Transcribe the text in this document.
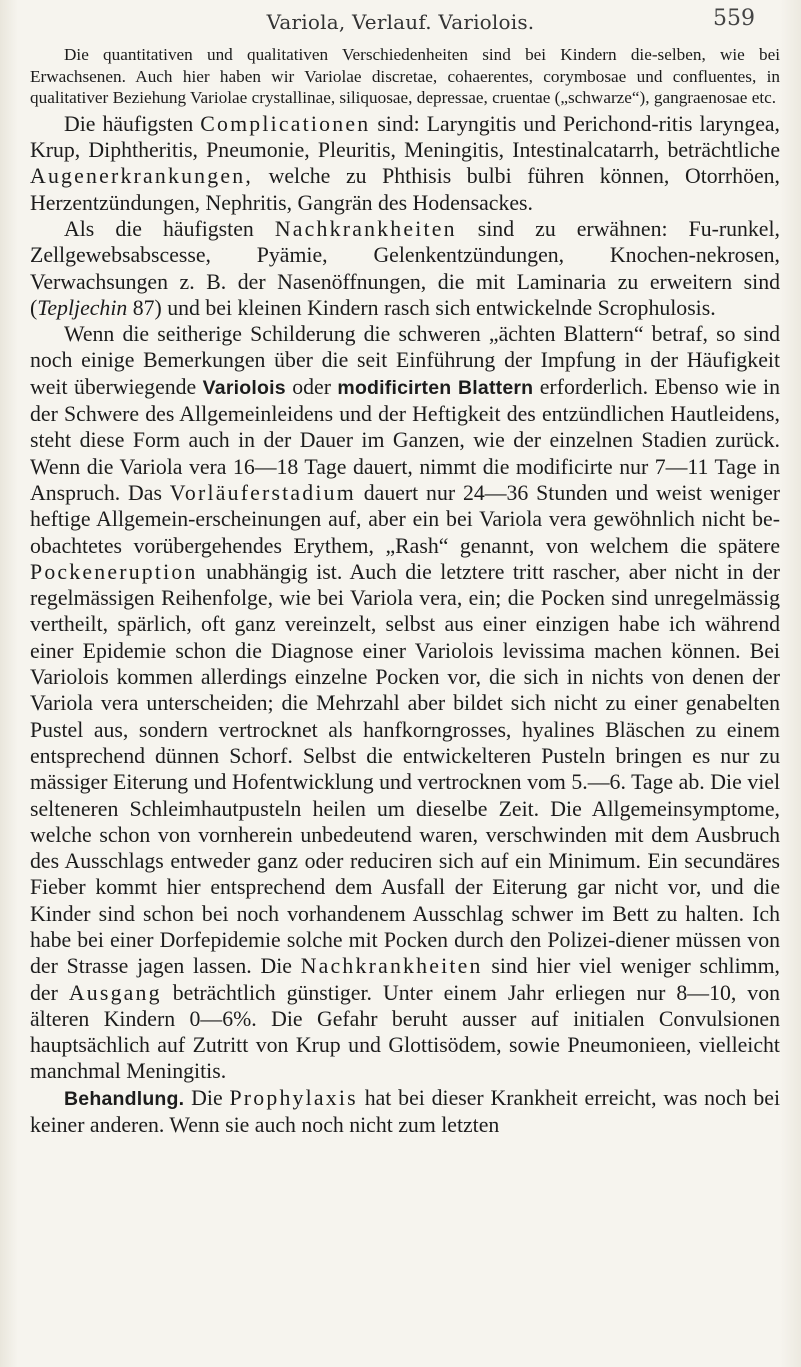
Variola, Verlauf. Variolois.	559

Die quantitativen und qualitativen Verschiedenheiten sind bei Kindern die-selben, wie bei Erwachsenen. Auch hier haben wir Variolae discretae, cohaerentes, corymbosae und confluentes, in qualitativer Beziehung Variolae crystallinae, siliquosae, depressae, cruentae („schwarze“), gangraenosae etc.

Die häufigsten Complicationen sind: Laryngitis und Perichond-ritis laryngea, Krup, Diphtheritis, Pneumonie, Pleuritis, Meningitis, Intestinalcatarrh, beträchtliche Augenerkrankungen, welche zu Phthisis bulbi führen können, Otorrhöen, Herzentzündungen, Nephritis, Gangrän des Hodensackes.

Als die häufigsten Nachkrankheiten sind zu erwähnen: Fu-runkel, Zellgewebsabscesse, Pyämie, Gelenkentzündungen, Knochen-nekrosen, Verwachsungen z. B. der Nasenöffnungen, die mit Laminaria zu erweitern sind (Tepljechin 87) und bei kleinen Kindern rasch sich entwickelnde Scrophulosis.

Wenn die seitherige Schilderung die schweren „ächten Blattern“ betraf, so sind noch einige Bemerkungen über die seit Einführung der Impfung in der Häufigkeit weit überwiegende Variolois oder modificirten Blattern erforderlich. Ebenso wie in der Schwere des Allgemeinleidens und der Heftigkeit des entzündlichen Hautleidens, steht diese Form auch in der Dauer im Ganzen, wie der einzelnen Stadien zurück. Wenn die Variola vera 16—18 Tage dauert, nimmt die modificirte nur 7—11 Tage in Anspruch. Das Vorläuferstadium dauert nur 24—36 Stunden und weist weniger heftige Allgemein-erscheinungen auf, aber ein bei Variola vera gewöhnlich nicht be-obachtetes vorübergehendes Erythem, „Rash“ genannt, von welchem die spätere Pockeneruption unabhängig ist. Auch die letztere tritt rascher, aber nicht in der regelmässigen Reihenfolge, wie bei Variola vera, ein; die Pocken sind unregelmässig vertheilt, spärlich, oft ganz vereinzelt, selbst aus einer einzigen habe ich während einer Epidemie schon die Diagnose einer Variolois levissima machen können. Bei Variolois kommen allerdings einzelne Pocken vor, die sich in nichts von denen der Variola vera unterscheiden; die Mehrzahl aber bildet sich nicht zu einer genabelten Pustel aus, sondern vertrocknet als hanfkorngrosses, hyalines Bläschen zu einem entsprechend dünnen Schorf. Selbst die entwickelteren Pusteln bringen es nur zu mässiger Eiterung und Hofentwicklung und vertrocknen vom 5.—6. Tage ab. Die viel selteneren Schleimhautpusteln heilen um dieselbe Zeit. Die Allgemeinsymptome, welche schon von vornherein unbedeutend waren, verschwinden mit dem Ausbruch des Ausschlags entweder ganz oder reduciren sich auf ein Minimum. Ein secundäres Fieber kommt hier entsprechend dem Ausfall der Eiterung gar nicht vor, und die Kinder sind schon bei noch vorhandenem Ausschlag schwer im Bett zu halten. Ich habe bei einer Dorfepidemie solche mit Pocken durch den Polizei-diener müssen von der Strasse jagen lassen. Die Nachkrankheiten sind hier viel weniger schlimm, der Ausgang beträchtlich günstiger. Unter einem Jahr erliegen nur 8—10, von älteren Kindern 0—6%. Die Gefahr beruht ausser auf initialen Convulsionen hauptsächlich auf Zutritt von Krup und Glottisödem, sowie Pneumonieen, vielleicht manchmal Meningitis.

Behandlung. Die Prophylaxis hat bei dieser Krankheit erreicht, was noch bei keiner anderen. Wenn sie auch noch nicht zum letzten
